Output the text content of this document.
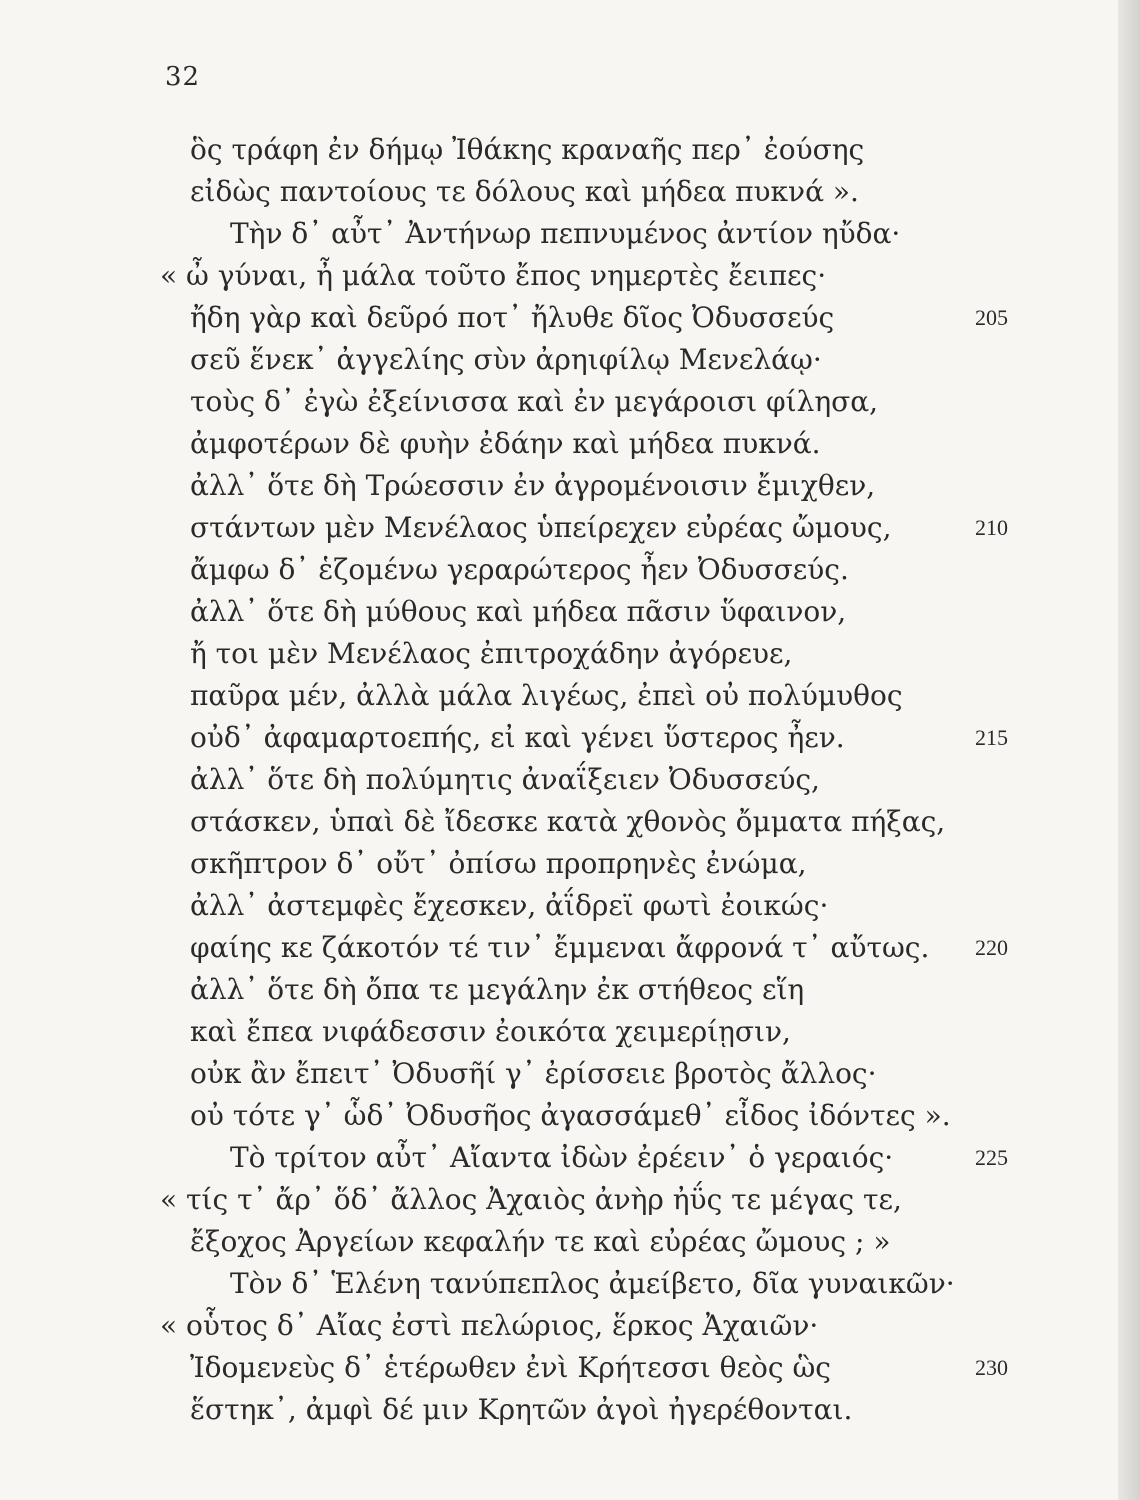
32
ὃς τράφη ἐν δήμῳ Ἰθάκης κραναῆς περ᾽ ἐούσης
εἰδὼς παντοίους τε δόλους καὶ μήδεα πυκνά ».
Τὴν δ᾽ αὖτ᾽ Ἀντήνωρ πεπνυμένος ἀντίον ηὔδα·
« ὦ γύναι, ἦ μάλα τοῦτο ἔπος νημερτὲς ἔειπες·
ἤδη γὰρ καὶ δεῦρό ποτ᾽ ἤλυθε δῖος Ὀδυσσεύς	205
σεῦ ἕνεκ᾽ ἀγγελίης σὺν ἀρηιφίλῳ Μενελάῳ·
τοὺς δ᾽ ἐγὼ ἐξείνισσα καὶ ἐν μεγάροισι φίλησα,
ἀμφοτέρων δὲ φυὴν ἐδάην καὶ μήδεα πυκνά.
ἀλλ᾽ ὅτε δὴ Τρώεσσιν ἐν ἀγρομένοισιν ἔμιχθεν,
στάντων μὲν Μενέλαος ὑπείρεχεν εὐρέας ὤμους,	210
ἄμφω δ᾽ ἑζομένω γεραρώτερος ἦεν Ὀδυσσεύς.
ἀλλ᾽ ὅτε δὴ μύθους καὶ μήδεα πᾶσιν ὕφαινον,
ἤ τοι μὲν Μενέλαος ἐπιτροχάδην ἀγόρευε,
παῦρα μέν, ἀλλὰ μάλα λιγέως, ἐπεὶ οὐ πολύμυθος
οὐδ᾽ ἀφαμαρτοεπής, εἰ καὶ γένει ὕστερος ἦεν.	215
ἀλλ᾽ ὅτε δὴ πολύμητις ἀναΐξειεν Ὀδυσσεύς,
στάσκεν, ὑπαὶ δὲ ἴδεσκε κατὰ χθονὸς ὄμματα πήξας,
σκῆπτρον δ᾽ οὔτ᾽ ὀπίσω προπρηνὲς ἐνώμα,
ἀλλ᾽ ἀστεμφὲς ἔχεσκεν, ἀΐδρεϊ φωτὶ ἐοικώς·
φαίης κε ζάκοτόν τέ τιν᾽ ἔμμεναι ἄφρονά τ᾽ αὔτως. 220
ἀλλ᾽ ὅτε δὴ ὄπα τε μεγάλην ἐκ στήθεος εἵη
καὶ ἔπεα νιφάδεσσιν ἐοικότα χειμερίῃσιν,
οὐκ ἂν ἔπειτ᾽ Ὀδυσῆί γ᾽ ἐρίσσειε βροτὸς ἄλλος·
οὐ τότε γ᾽ ὧδ᾽ Ὀδυσῆος ἀγασσάμεθ᾽ εἶδος ἰδόντες ».
Τὸ τρίτον αὖτ᾽ Αἴαντα ἰδὼν ἐρέειν᾽ ὁ γεραιός·	225
« τίς τ᾽ ἄρ᾽ ὅδ᾽ ἄλλος Ἀχαιὸς ἀνὴρ ἠΰς τε μέγας τε,
ἔξοχος Ἀργείων κεφαλήν τε καὶ εὐρέας ὤμους ; »
Τὸν δ᾽ Ἑλένη τανύπεπλος ἀμείβετο, δῖα γυναικῶν·
« οὗτος δ᾽ Αἴας ἐστὶ πελώριος, ἕρκος Ἀχαιῶν·
Ἰδομενεὺς δ᾽ ἑτέρωθεν ἐνὶ Κρήτεσσι θεὸς ὣς	230
ἕστηκ᾽, ἀμφὶ δέ μιν Κρητῶν ἀγοὶ ἠγερέθονται.
